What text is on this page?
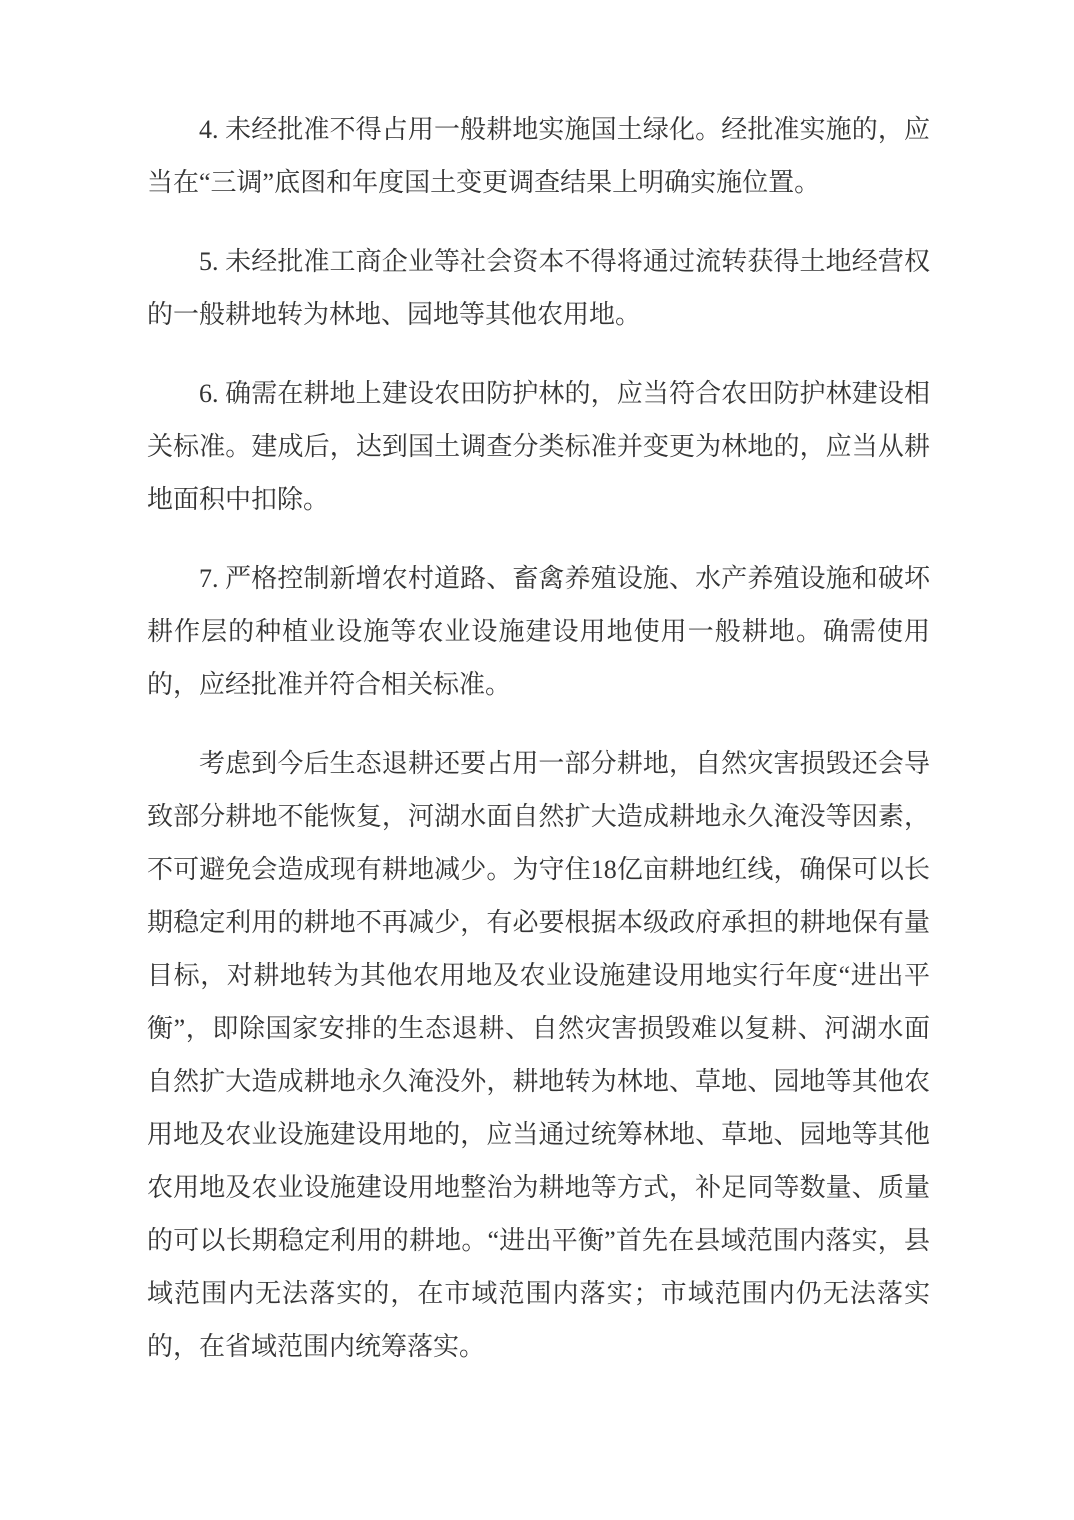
4. 未经批准不得占用一般耕地实施国土绿化。经批准实施的，应当在“三调”底图和年度国土变更调查结果上明确实施位置。

5. 未经批准工商企业等社会资本不得将通过流转获得土地经营权的一般耕地转为林地、园地等其他农用地。

6. 确需在耕地上建设农田防护林的，应当符合农田防护林建设相关标准。建成后，达到国土调查分类标准并变更为林地的，应当从耕地面积中扣除。

7. 严格控制新增农村道路、畜禽养殖设施、水产养殖设施和破坏耕作层的种植业设施等农业设施建设用地使用一般耕地。确需使用的，应经批准并符合相关标准。

考虑到今后生态退耕还要占用一部分耕地，自然灾害损毁还会导致部分耕地不能恢复，河湖水面自然扩大造成耕地永久淹没等因素，不可避免会造成现有耕地减少。为守住18亿亩耕地红线，确保可以长期稳定利用的耕地不再减少，有必要根据本级政府承担的耕地保有量目标，对耕地转为其他农用地及农业设施建设用地实行年度“进出平衡”，即除国家安排的生态退耕、自然灾害损毁难以复耕、河湖水面自然扩大造成耕地永久淹没外，耕地转为林地、草地、园地等其他农用地及农业设施建设用地的，应当通过统筹林地、草地、园地等其他农用地及农业设施建设用地整治为耕地等方式，补足同等数量、质量的可以长期稳定利用的耕地。“进出平衡”首先在县域范围内落实，县域范围内无法落实的，在市域范围内落实；市域范围内仍无法落实的，在省域范围内统筹落实。
